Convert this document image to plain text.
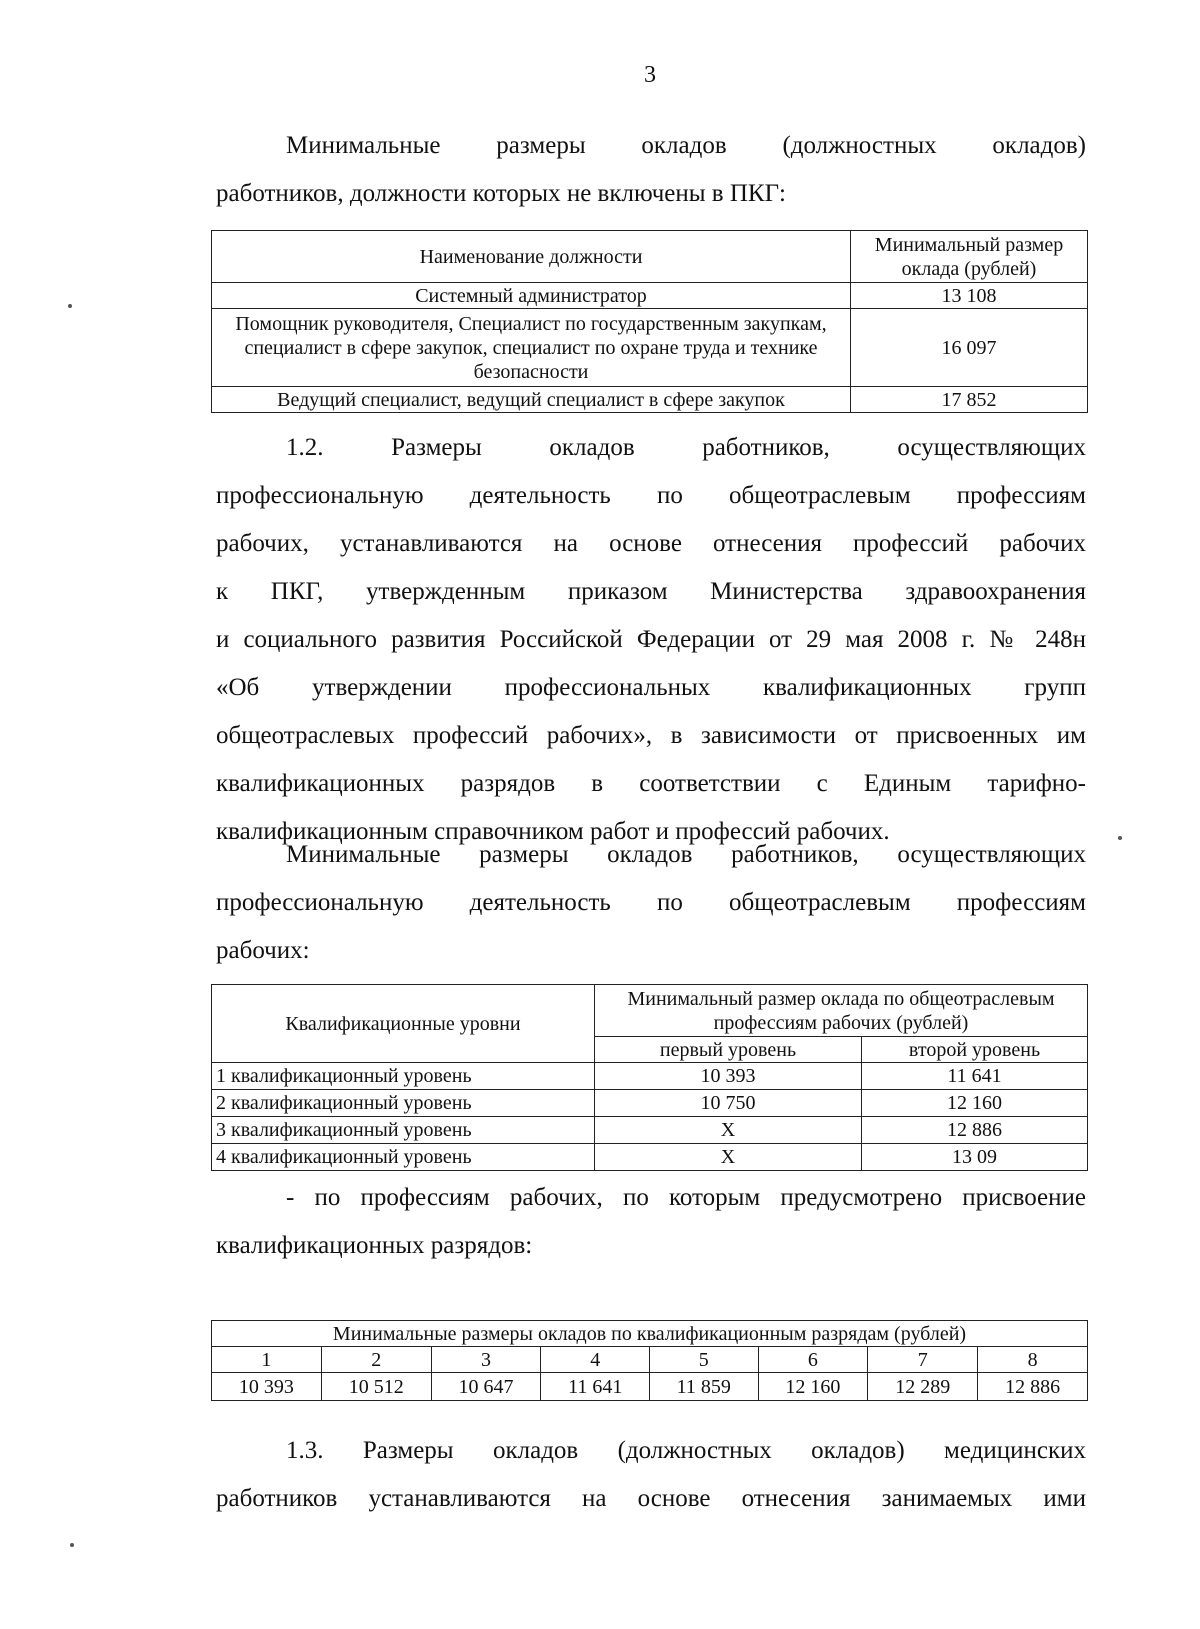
3
Минимальные размеры окладов (должностных окладов)
работников, должности которых не включены в ПКГ:
Наименование должности	Минимальный размер оклада (рублей)
Системный администратор	13 108
Помощник руководителя, Специалист по государственным закупкам, специалист в сфере закупок, специалист по охране труда и технике безопасности	16 097
Ведущий специалист, ведущий специалист в сфере закупок	17 852
1.2. Размеры окладов работников, осуществляющих
профессиональную деятельность по общеотраслевым профессиям
рабочих, устанавливаются на основе отнесения профессий рабочих
к ПКГ, утвержденным приказом Министерства здравоохранения
и социального развития Российской Федерации от 29 мая 2008 г. № 248н
«Об утверждении профессиональных квалификационных групп
общеотраслевых профессий рабочих», в зависимости от присвоенных им
квалификационных разрядов в соответствии с Единым тарифно-
квалификационным справочником работ и профессий рабочих.
Минимальные размеры окладов работников, осуществляющих
профессиональную деятельность по общеотраслевым профессиям
рабочих:
Квалификационные уровни	Минимальный размер оклада по общеотраслевым профессиям рабочих (рублей)	
	первый уровень	второй уровень
1 квалификационный уровень	10 393	11 641
2 квалификационный уровень	10 750	12 160
3 квалификационный уровень	X	12 886
4 квалификационный уровень	X	13 09
- по профессиям рабочих, по которым предусмотрено присвоение
квалификационных разрядов:
Минимальные размеры окладов по квалификационным разрядам (рублей)							
1	2	3	4	5	6	7	8
10 393	10 512	10 647	11 641	11 859	12 160	12 289	12 886
1.3. Размеры окладов (должностных окладов) медицинских
работников устанавливаются на основе отнесения занимаемых ими
